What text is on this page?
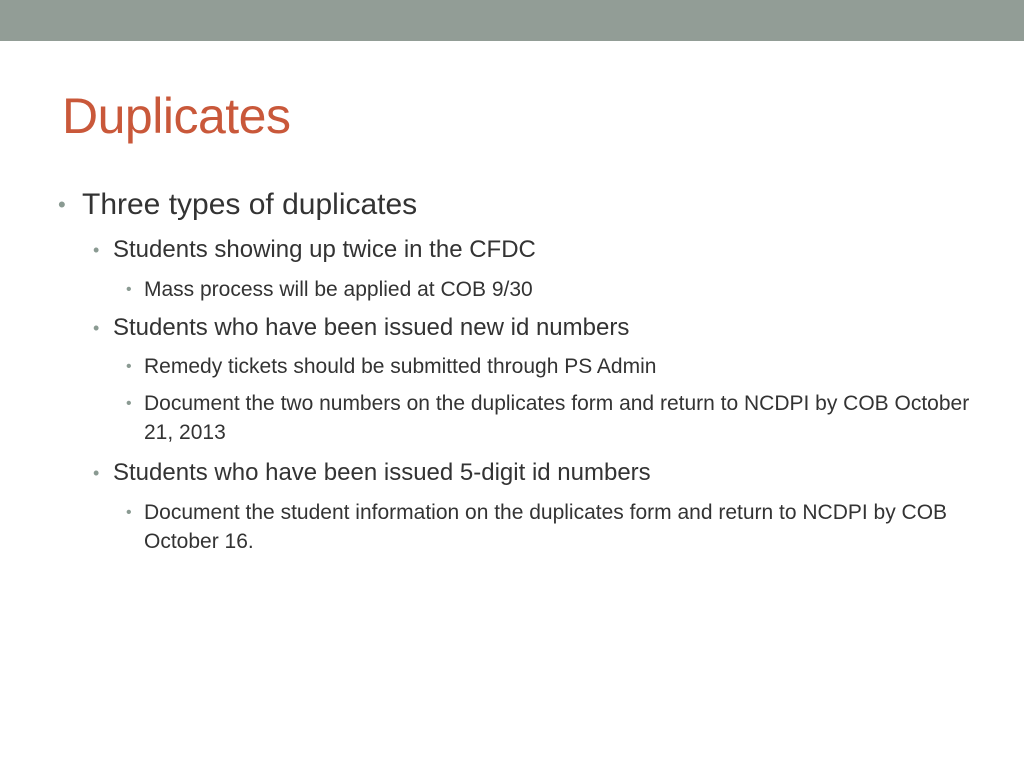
Duplicates
• Three types of duplicates
• Students showing up twice in the CFDC
• Mass process will be applied at COB 9/30
• Students who have been issued new id numbers
• Remedy tickets should be submitted through PS Admin
• Document the two numbers on the duplicates form and return to NCDPI by COB October 21, 2013
• Students who have been issued 5-digit id numbers
• Document the student information on the duplicates form and return to NCDPI by COB October 16.
